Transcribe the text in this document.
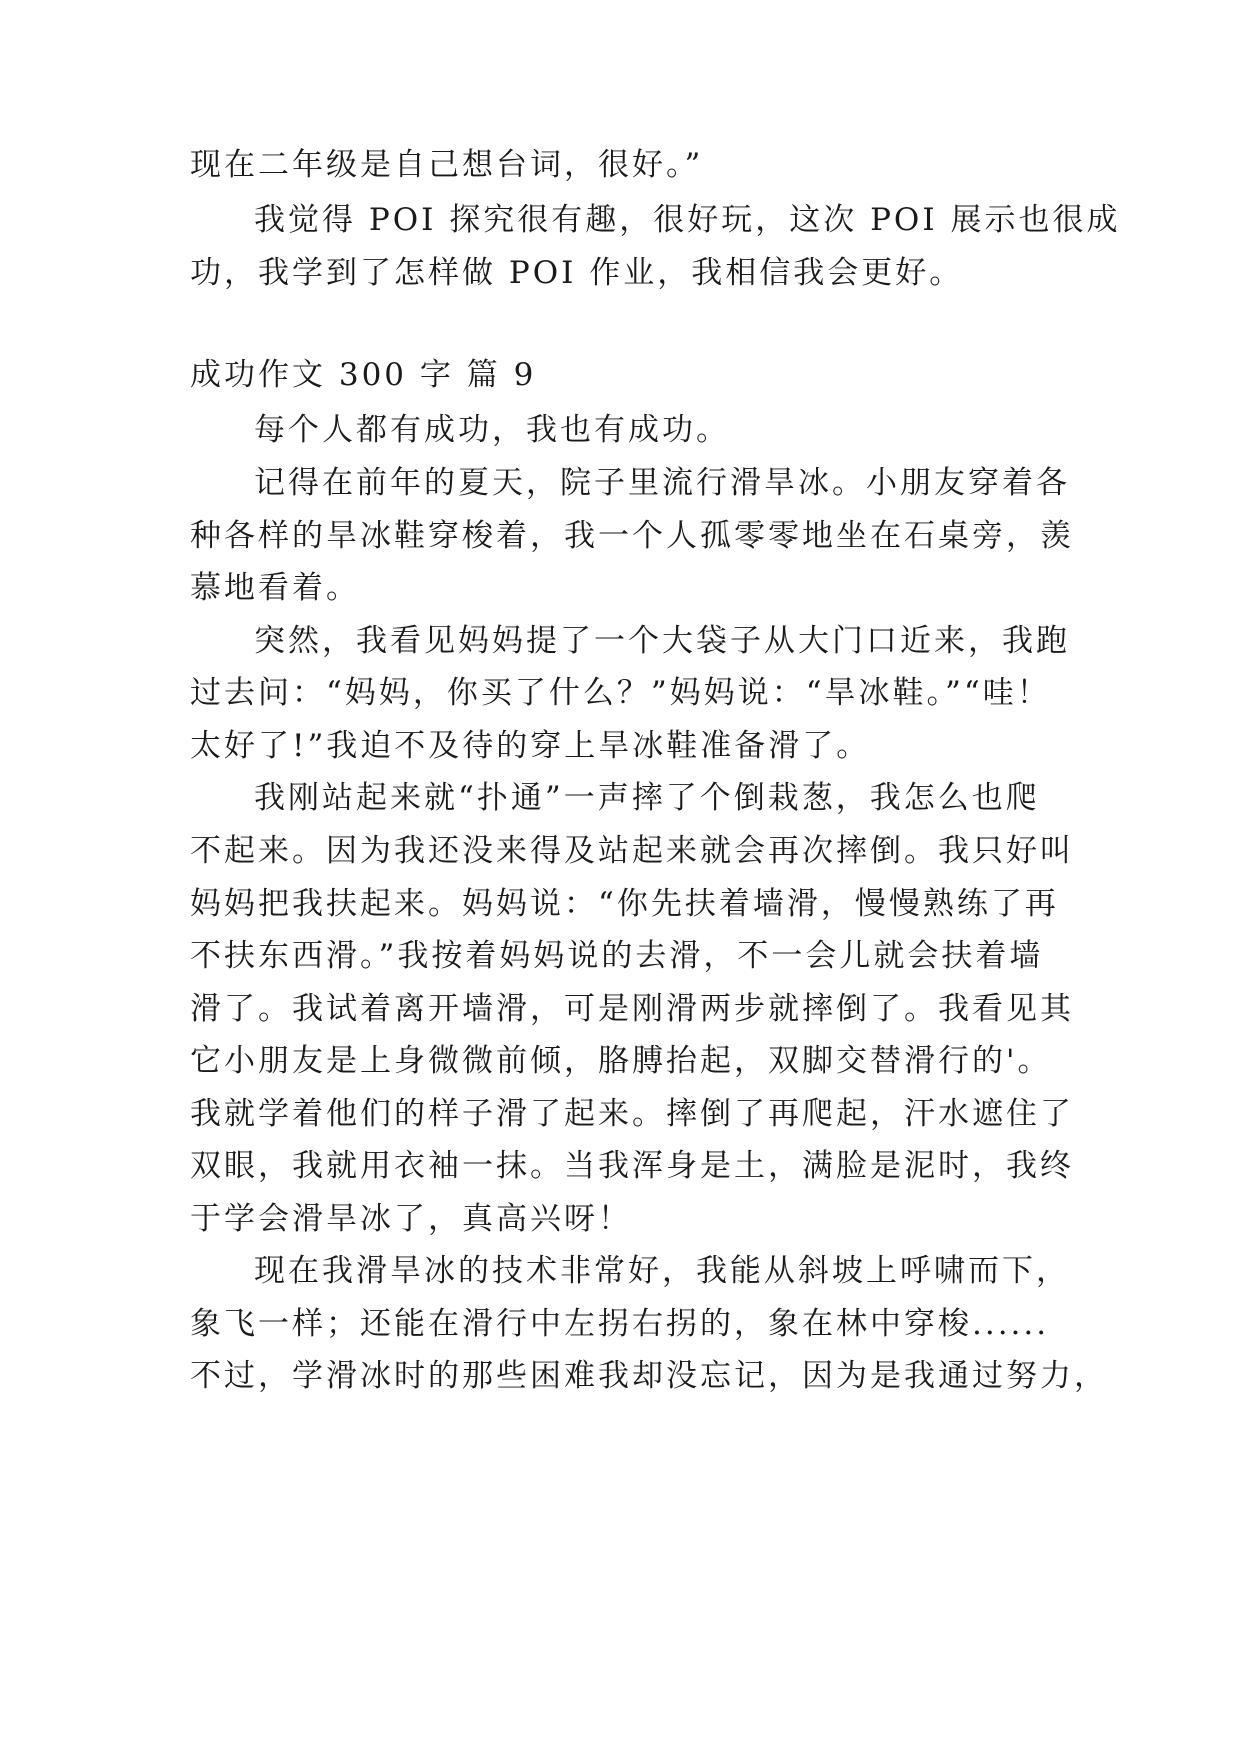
现在二年级是自己想台词，很好。”
我觉得 POI 探究很有趣，很好玩，这次 POI 展示也很成
功，我学到了怎样做 POI 作业，我相信我会更好。
成功作文 300 字 篇 9
每个人都有成功，我也有成功。
记得在前年的夏天，院子里流行滑旱冰。小朋友穿着各
种各样的旱冰鞋穿梭着，我一个人孤零零地坐在石桌旁，羡
慕地看着。
突然，我看见妈妈提了一个大袋子从大门口近来，我跑
过去问：“妈妈，你买了什么？”妈妈说：“旱冰鞋。”“哇！
太好了!”我迫不及待的穿上旱冰鞋准备滑了。
我刚站起来就“扑通”一声摔了个倒栽葱，我怎么也爬
不起来。因为我还没来得及站起来就会再次摔倒。我只好叫
妈妈把我扶起来。妈妈说：“你先扶着墙滑，慢慢熟练了再
不扶东西滑。”我按着妈妈说的去滑，不一会儿就会扶着墙
滑了。我试着离开墙滑，可是刚滑两步就摔倒了。我看见其
它小朋友是上身微微前倾，胳膊抬起，双脚交替滑行的'。
我就学着他们的样子滑了起来。摔倒了再爬起，汗水遮住了
双眼，我就用衣袖一抹。当我浑身是土，满脸是泥时，我终
于学会滑旱冰了，真高兴呀！
现在我滑旱冰的技术非常好，我能从斜坡上呼啸而下，
象飞一样；还能在滑行中左拐右拐的，象在林中穿梭......
不过，学滑冰时的那些困难我却没忘记，因为是我通过努力，
